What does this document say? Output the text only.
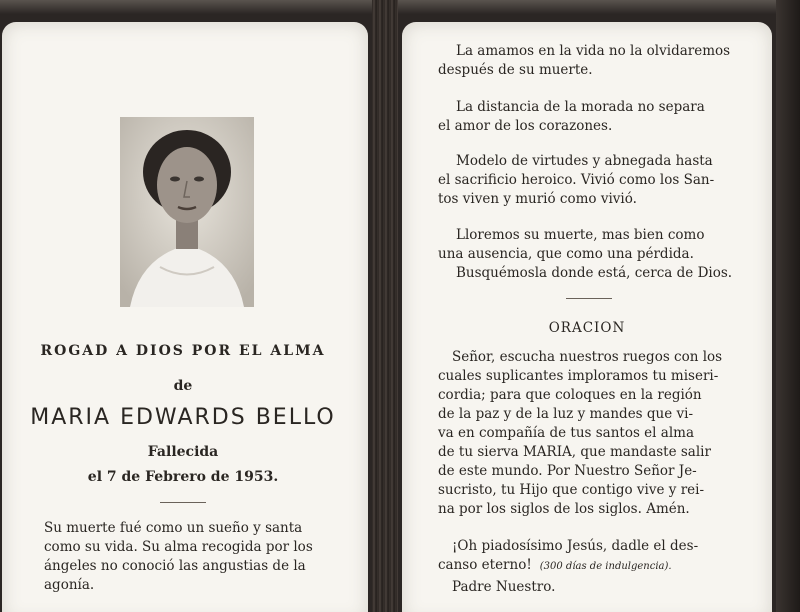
ROGAD A DIOS POR EL ALMA
de
MARIA EDWARDS BELLO
Fallecida
el 7 de Febrero de 1953.
Su muerte fué como un sueño y santa
como su vida. Su alma recogida por los
ángeles no conoció las angustias de la
agonía.
La amamos en la vida no la olvidaremos
después de su muerte.
La distancia de la morada no separa
el amor de los corazones.
Modelo de virtudes y abnegada hasta
el sacrificio heroico. Vivió como los San-
tos viven y murió como vivió.
Lloremos su muerte, mas bien como
una ausencia, que como una pérdida.
Busquémosla donde está, cerca de Dios.
ORACION
Señor, escucha nuestros ruegos con los
cuales suplicantes imploramos tu miseri-
cordia; para que coloques en la región
de la paz y de la luz y mandes que vi-
va en compañía de tus santos el alma
de tu sierva MARIA, que mandaste salir
de este mundo. Por Nuestro Señor Je-
sucristo, tu Hijo que contigo vive y rei-
na por los siglos de los siglos. Amén.
¡Oh piadosísimo Jesús, dadle el des-
canso eterno! (300 días de indulgencia).
Padre Nuestro.
